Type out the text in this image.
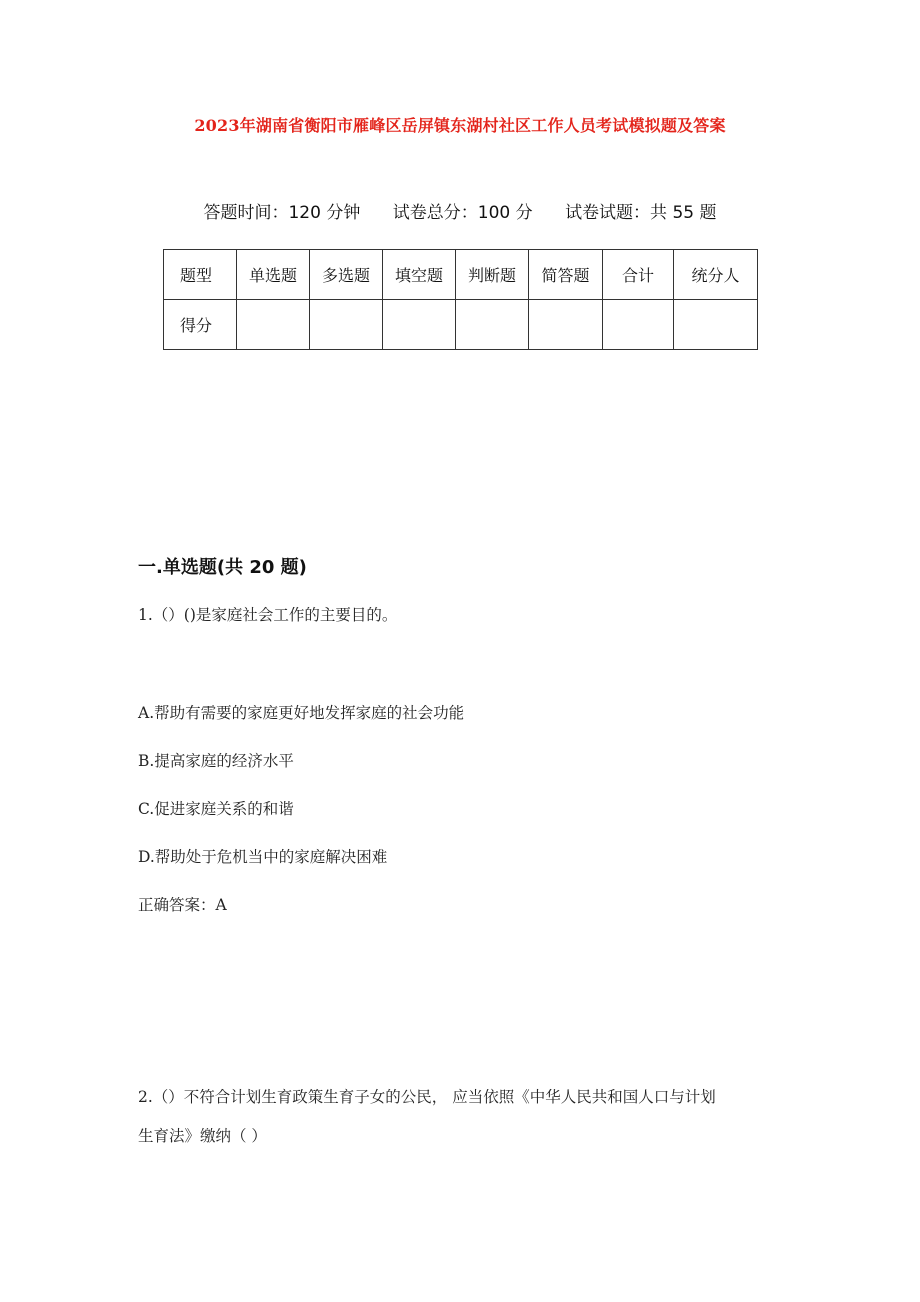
2023年湖南省衡阳市雁峰区岳屏镇东湖村社区工作人员考试模拟题及答案
答题时间：120 分钟 试卷总分：100 分 试卷试题：共 55 题
题型	单选题	多选题	填空题	判断题	简答题	合计	统分人
得分							
一.单选题(共 20 题)
1.（）()是家庭社会工作的主要目的。
A.帮助有需要的家庭更好地发挥家庭的社会功能
B.提高家庭的经济水平
C.促进家庭关系的和谐
D.帮助处于危机当中的家庭解决困难
正确答案：A
2.（）不符合计划生育政策生育子女的公民， 应当依照《中华人民共和国人口与计划
生育法》缴纳（ ）
